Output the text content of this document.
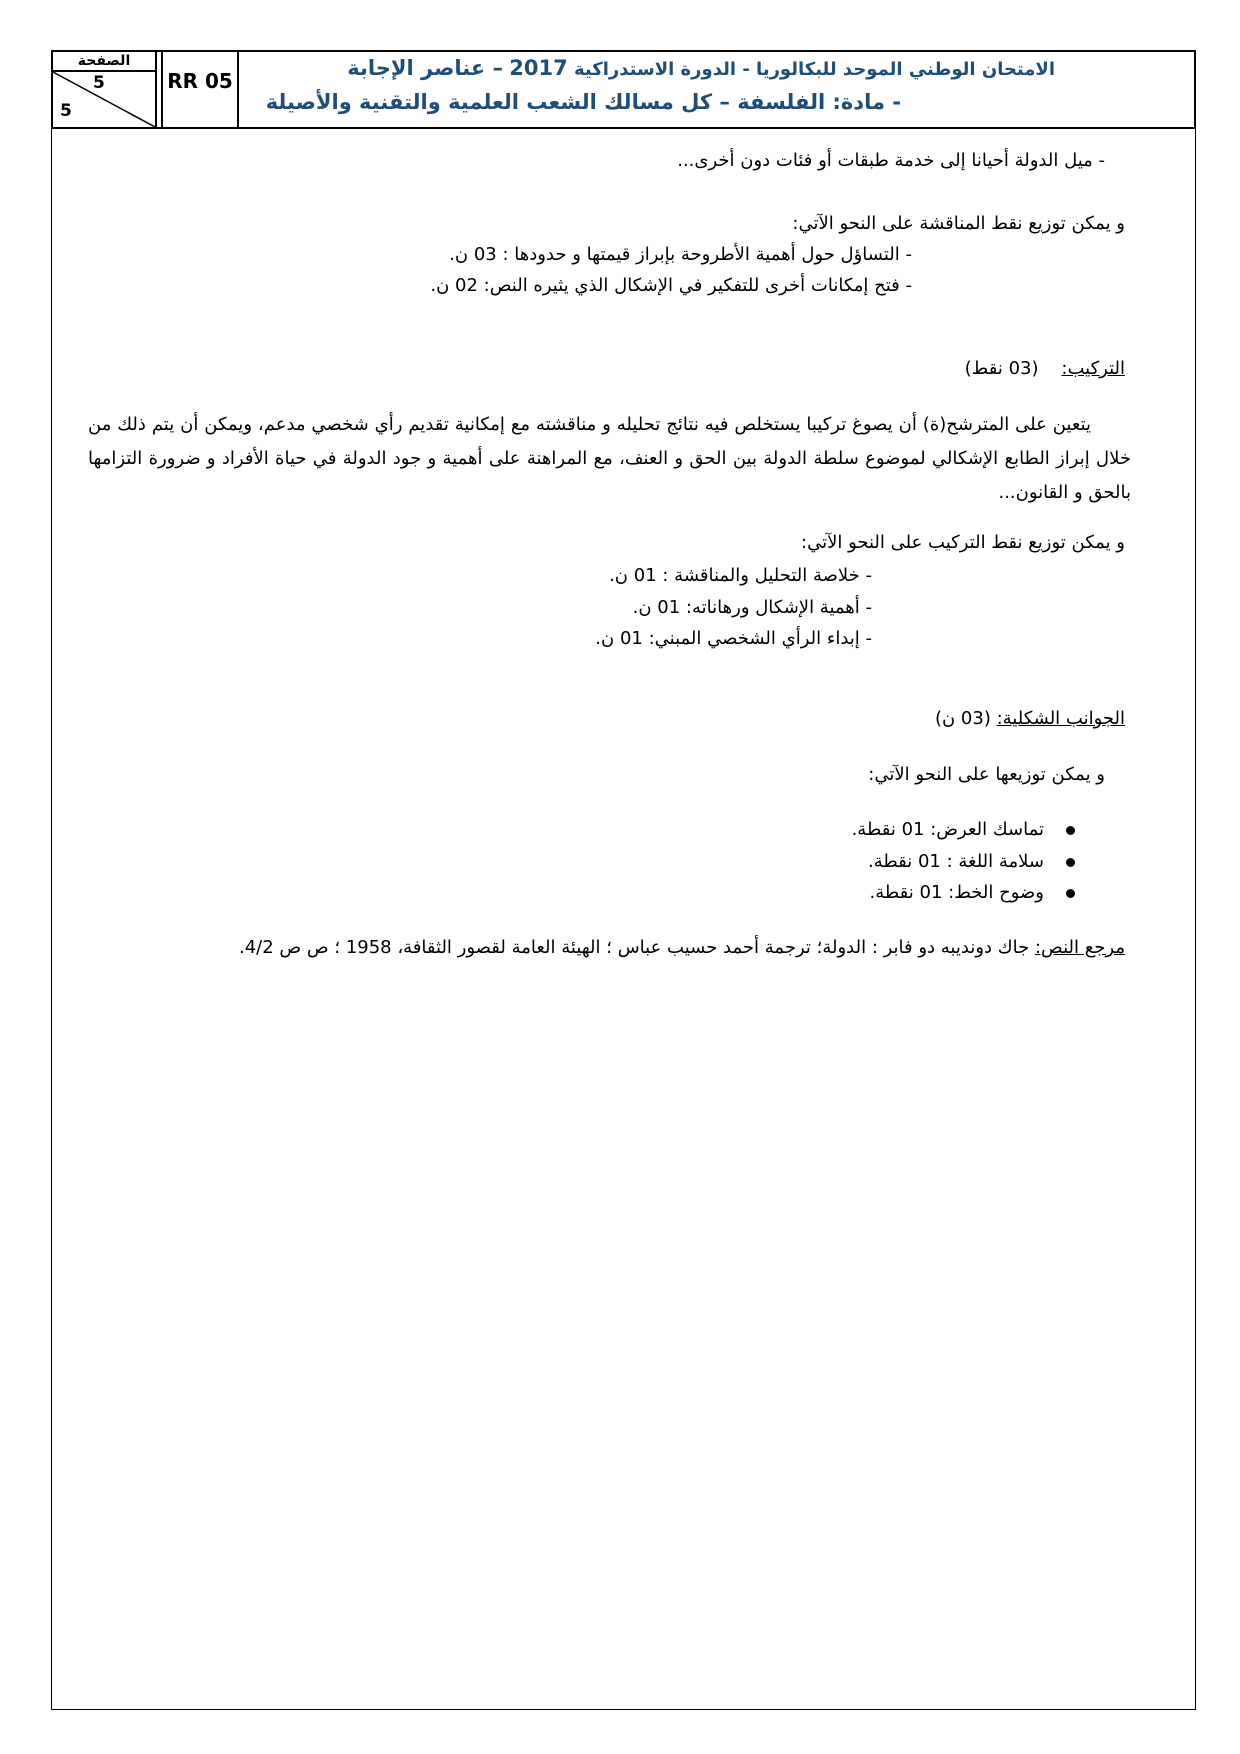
الصفحة
5
5
RR 05	الامتحان الوطني الموحد للبكالوريا - الدورة الاستدراكية 2017 – عناصر الإجابة
- مادة: الفلسفة – كل مسالك الشعب العلمية والتقنية والأصيلة
- ميل الدولة أحيانا إلى خدمة طبقات أو فئات دون أخرى...
و يمكن توزيع نقط المناقشة على النحو الآتي:
- التساؤل حول أهمية الأطروحة بإبراز قيمتها و حدودها : 03 ن.
- فتح إمكانات أخرى للتفكير في الإشكال الذي يثيره النص: 02 ن.
التركيب:    (03 نقط)
يتعين على المترشح(ة) أن يصوغ تركيبا يستخلص فيه نتائج تحليله و مناقشته مع إمكانية تقديم رأي شخصي مدعم، ويمكن أن يتم ذلك من خلال إبراز الطابع الإشكالي لموضوع سلطة الدولة بين الحق و العنف، مع المراهنة على أهمية و جود الدولة في حياة الأفراد و ضرورة التزامها بالحق و القانون...
و يمكن توزيع نقط التركيب على النحو الآتي:
- خلاصة التحليل والمناقشة : 01 ن.
- أهمية الإشكال ورهاناته: 01 ن.
- إبداء الرأي الشخصي المبني: 01 ن.
الجوانب الشكلية: (03 ن)
و يمكن توزيعها على النحو الآتي:
تماسك العرض: 01 نقطة.
سلامة اللغة : 01 نقطة.
وضوح الخط: 01 نقطة.
مرجع النص: جاك دونديبه دو فابر : الدولة؛ ترجمة أحمد حسيب عباس ؛ الهيئة العامة لقصور الثقافة، 1958 ؛ ص ص 4/2.
